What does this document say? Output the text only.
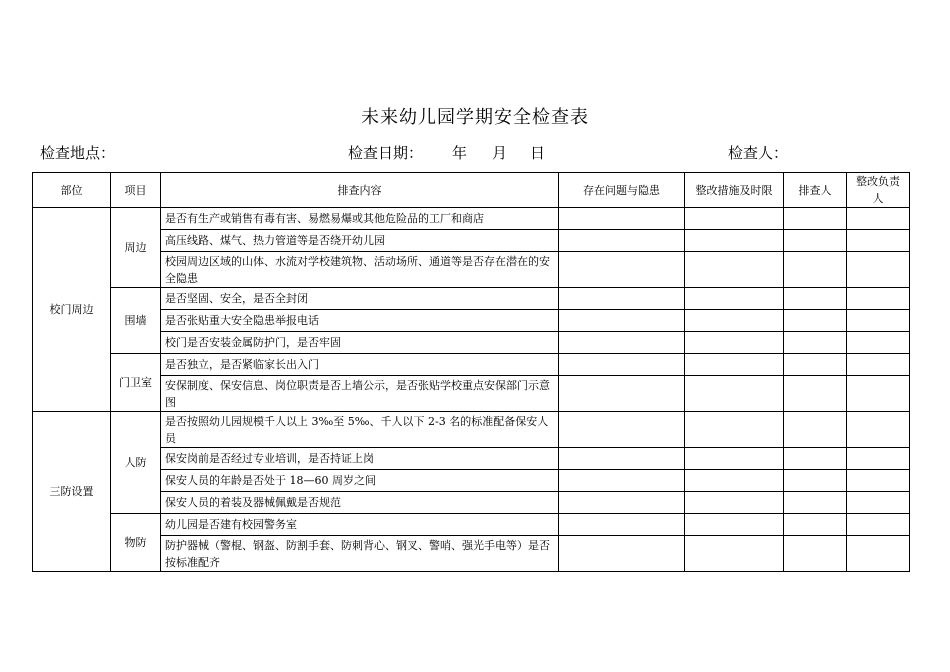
未来幼儿园学期安全检查表
检查地点：	检查日期： 年 月 日	检查人：
部位	项目	排查内容	存在问题与隐患	整改措施及时限	排查人	整改负责人
校门周边	周边	是否有生产或销售有毒有害、易燃易爆或其他危险品的工厂和商店				
		高压线路、煤气、热力管道等是否绕开幼儿园				
		校园周边区域的山体、水流对学校建筑物、活动场所、通道等是否存在潜在的安全隐患				
	围墙	是否坚固、安全，是否全封闭				
		是否张贴重大安全隐患举报电话				
		校门是否安装金属防护门，是否牢固				
	门卫室	是否独立，是否紧临家长出入门				
		安保制度、保安信息、岗位职责是否上墙公示，是否张贴学校重点安保部门示意图				
三防设置	人防	是否按照幼儿园规模千人以上 3‰至 5‰、千人以下 2-3 名的标准配备保安人员				
		保安岗前是否经过专业培训，是否持证上岗				
		保安人员的年龄是否处于 18—60 周岁之间				
		保安人员的着装及器械佩戴是否规范				
	物防	幼儿园是否建有校园警务室				
		防护器械（警棍、钢盔、防割手套、防刺背心、钢叉、警哨、强光手电等）是否按标准配齐				
